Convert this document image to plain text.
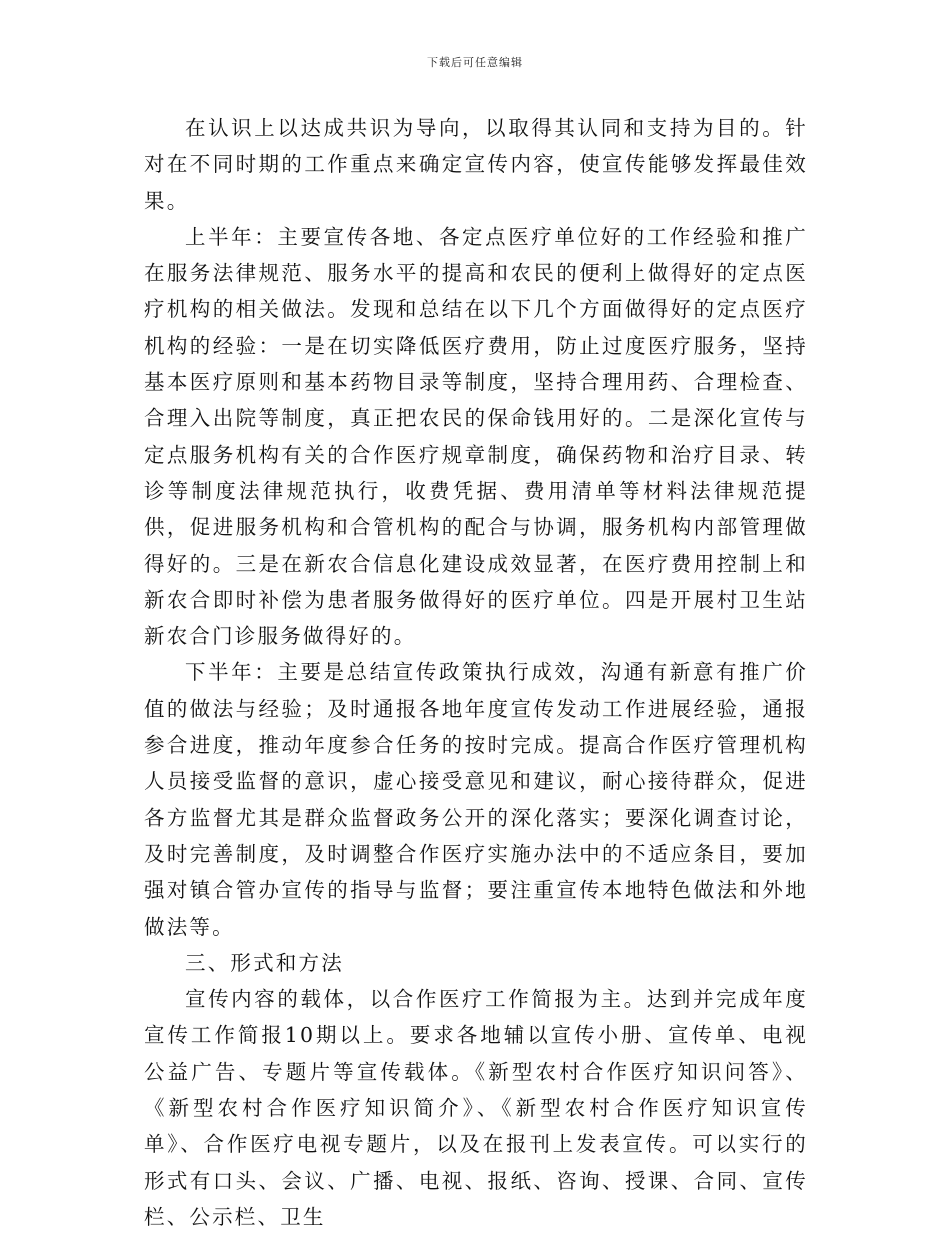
下载后可任意编辑

在认识上以达成共识为导向，以取得其认同和支持为目的。针对在不同时期的工作重点来确定宣传内容，使宣传能够发挥最佳效果。

上半年：主要宣传各地、各定点医疗单位好的工作经验和推广在服务法律规范、服务水平的提高和农民的便利上做得好的定点医疗机构的相关做法。发现和总结在以下几个方面做得好的定点医疗机构的经验：一是在切实降低医疗费用，防止过度医疗服务，坚持基本医疗原则和基本药物目录等制度，坚持合理用药、合理检查、合理入出院等制度，真正把农民的保命钱用好的。二是深化宣传与定点服务机构有关的合作医疗规章制度，确保药物和治疗目录、转诊等制度法律规范执行，收费凭据、费用清单等材料法律规范提供，促进服务机构和合管机构的配合与协调，服务机构内部管理做得好的。三是在新农合信息化建设成效显著，在医疗费用控制上和新农合即时补偿为患者服务做得好的医疗单位。四是开展村卫生站新农合门诊服务做得好的。

下半年：主要是总结宣传政策执行成效，沟通有新意有推广价值的做法与经验；及时通报各地年度宣传发动工作进展经验，通报参合进度，推动年度参合任务的按时完成。提高合作医疗管理机构人员接受监督的意识，虚心接受意见和建议，耐心接待群众，促进各方监督尤其是群众监督政务公开的深化落实；要深化调查讨论，及时完善制度，及时调整合作医疗实施办法中的不适应条目，要加强对镇合管办宣传的指导与监督；要注重宣传本地特色做法和外地做法等。

三、形式和方法

宣传内容的载体，以合作医疗工作简报为主。达到并完成年度宣传工作简报10期以上。要求各地辅以宣传小册、宣传单、电视公益广告、专题片等宣传载体。《新型农村合作医疗知识问答》、《新型农村合作医疗知识简介》、《新型农村合作医疗知识宣传单》、合作医疗电视专题片，以及在报刊上发表宣传。可以实行的形式有口头、会议、广播、电视、报纸、咨询、授课、合同、宣传栏、公示栏、卫生
